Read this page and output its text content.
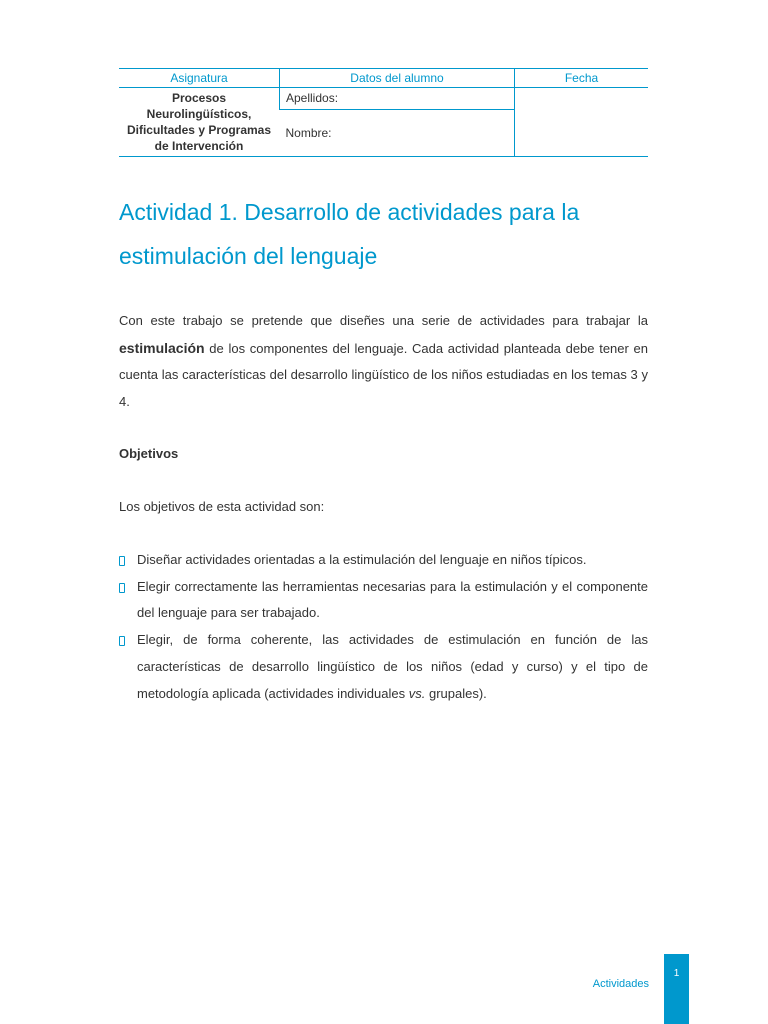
Asignatura	Datos del alumno	Fecha
Procesos Neurolingüísticos, Dificultades y Programas de Intervención	Apellidos:	
	Nombre:	
Actividad 1. Desarrollo de actividades para la estimulación del lenguaje

Con este trabajo se pretende que diseñes una serie de actividades para trabajar la estimulación de los componentes del lenguaje. Cada actividad planteada debe tener en cuenta las características del desarrollo lingüístico de los niños estudiadas en los temas 3 y 4.

Objetivos

Los objetivos de esta actividad son:

Diseñar actividades orientadas a la estimulación del lenguaje en niños típicos.
Elegir correctamente las herramientas necesarias para la estimulación y el componente del lenguaje para ser trabajado.
Elegir, de forma coherente, las actividades de estimulación en función de las características de desarrollo lingüístico de los niños (edad y curso) y el tipo de metodología aplicada (actividades individuales vs. grupales).
Actividades
1
